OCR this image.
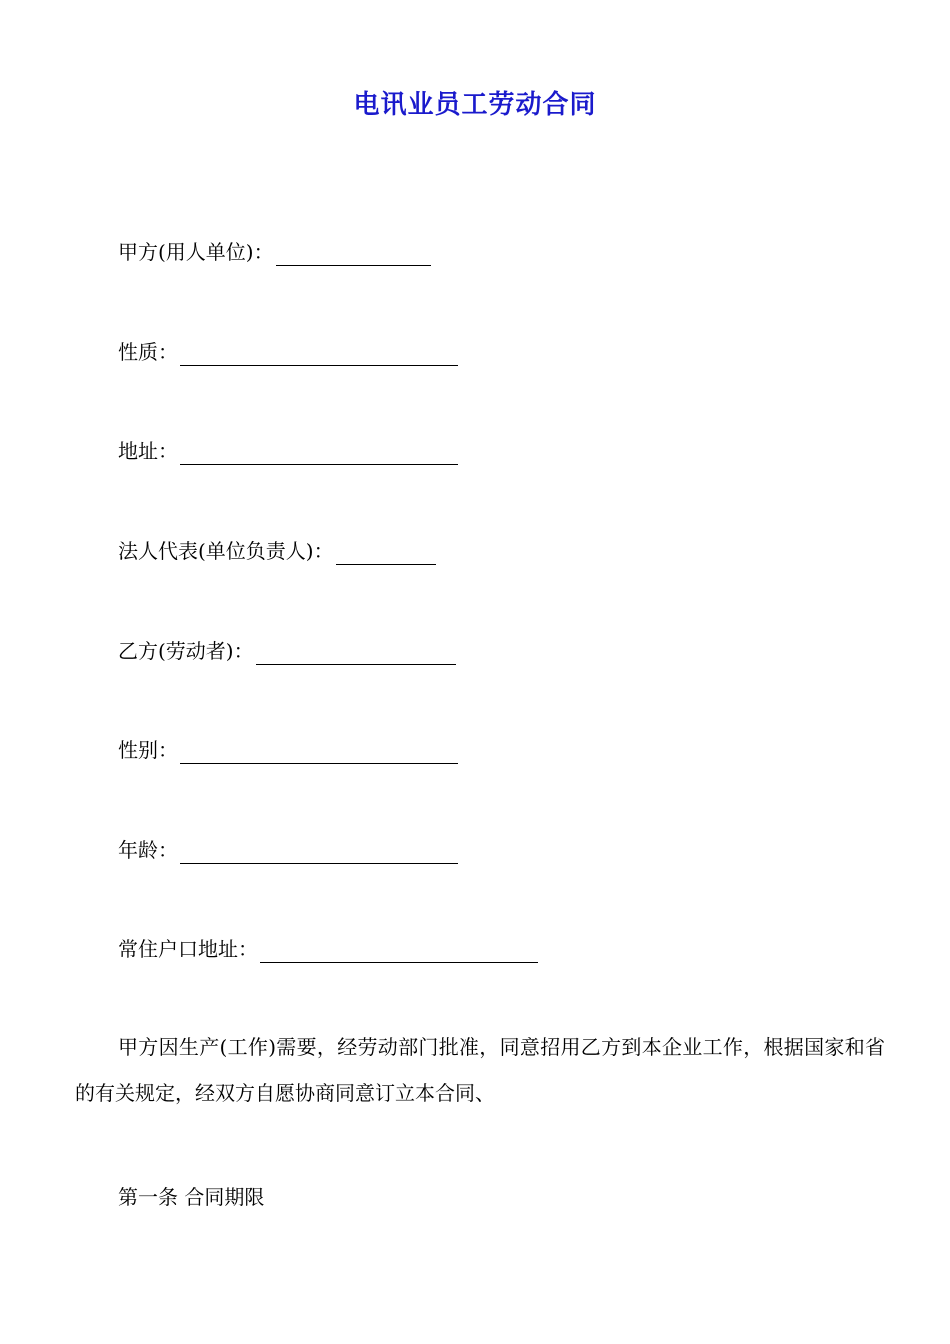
电讯业员工劳动合同
甲方(用人单位)：
性质：
地址：
法人代表(单位负责人)：
乙方(劳动者)：
性别：
年龄：
常住户口地址：

甲方因生产(工作)需要，经劳动部门批准，同意招用乙方到本企业工作，根据国家和省的有关规定，经双方自愿协商同意订立本合同、

第一条 合同期限
